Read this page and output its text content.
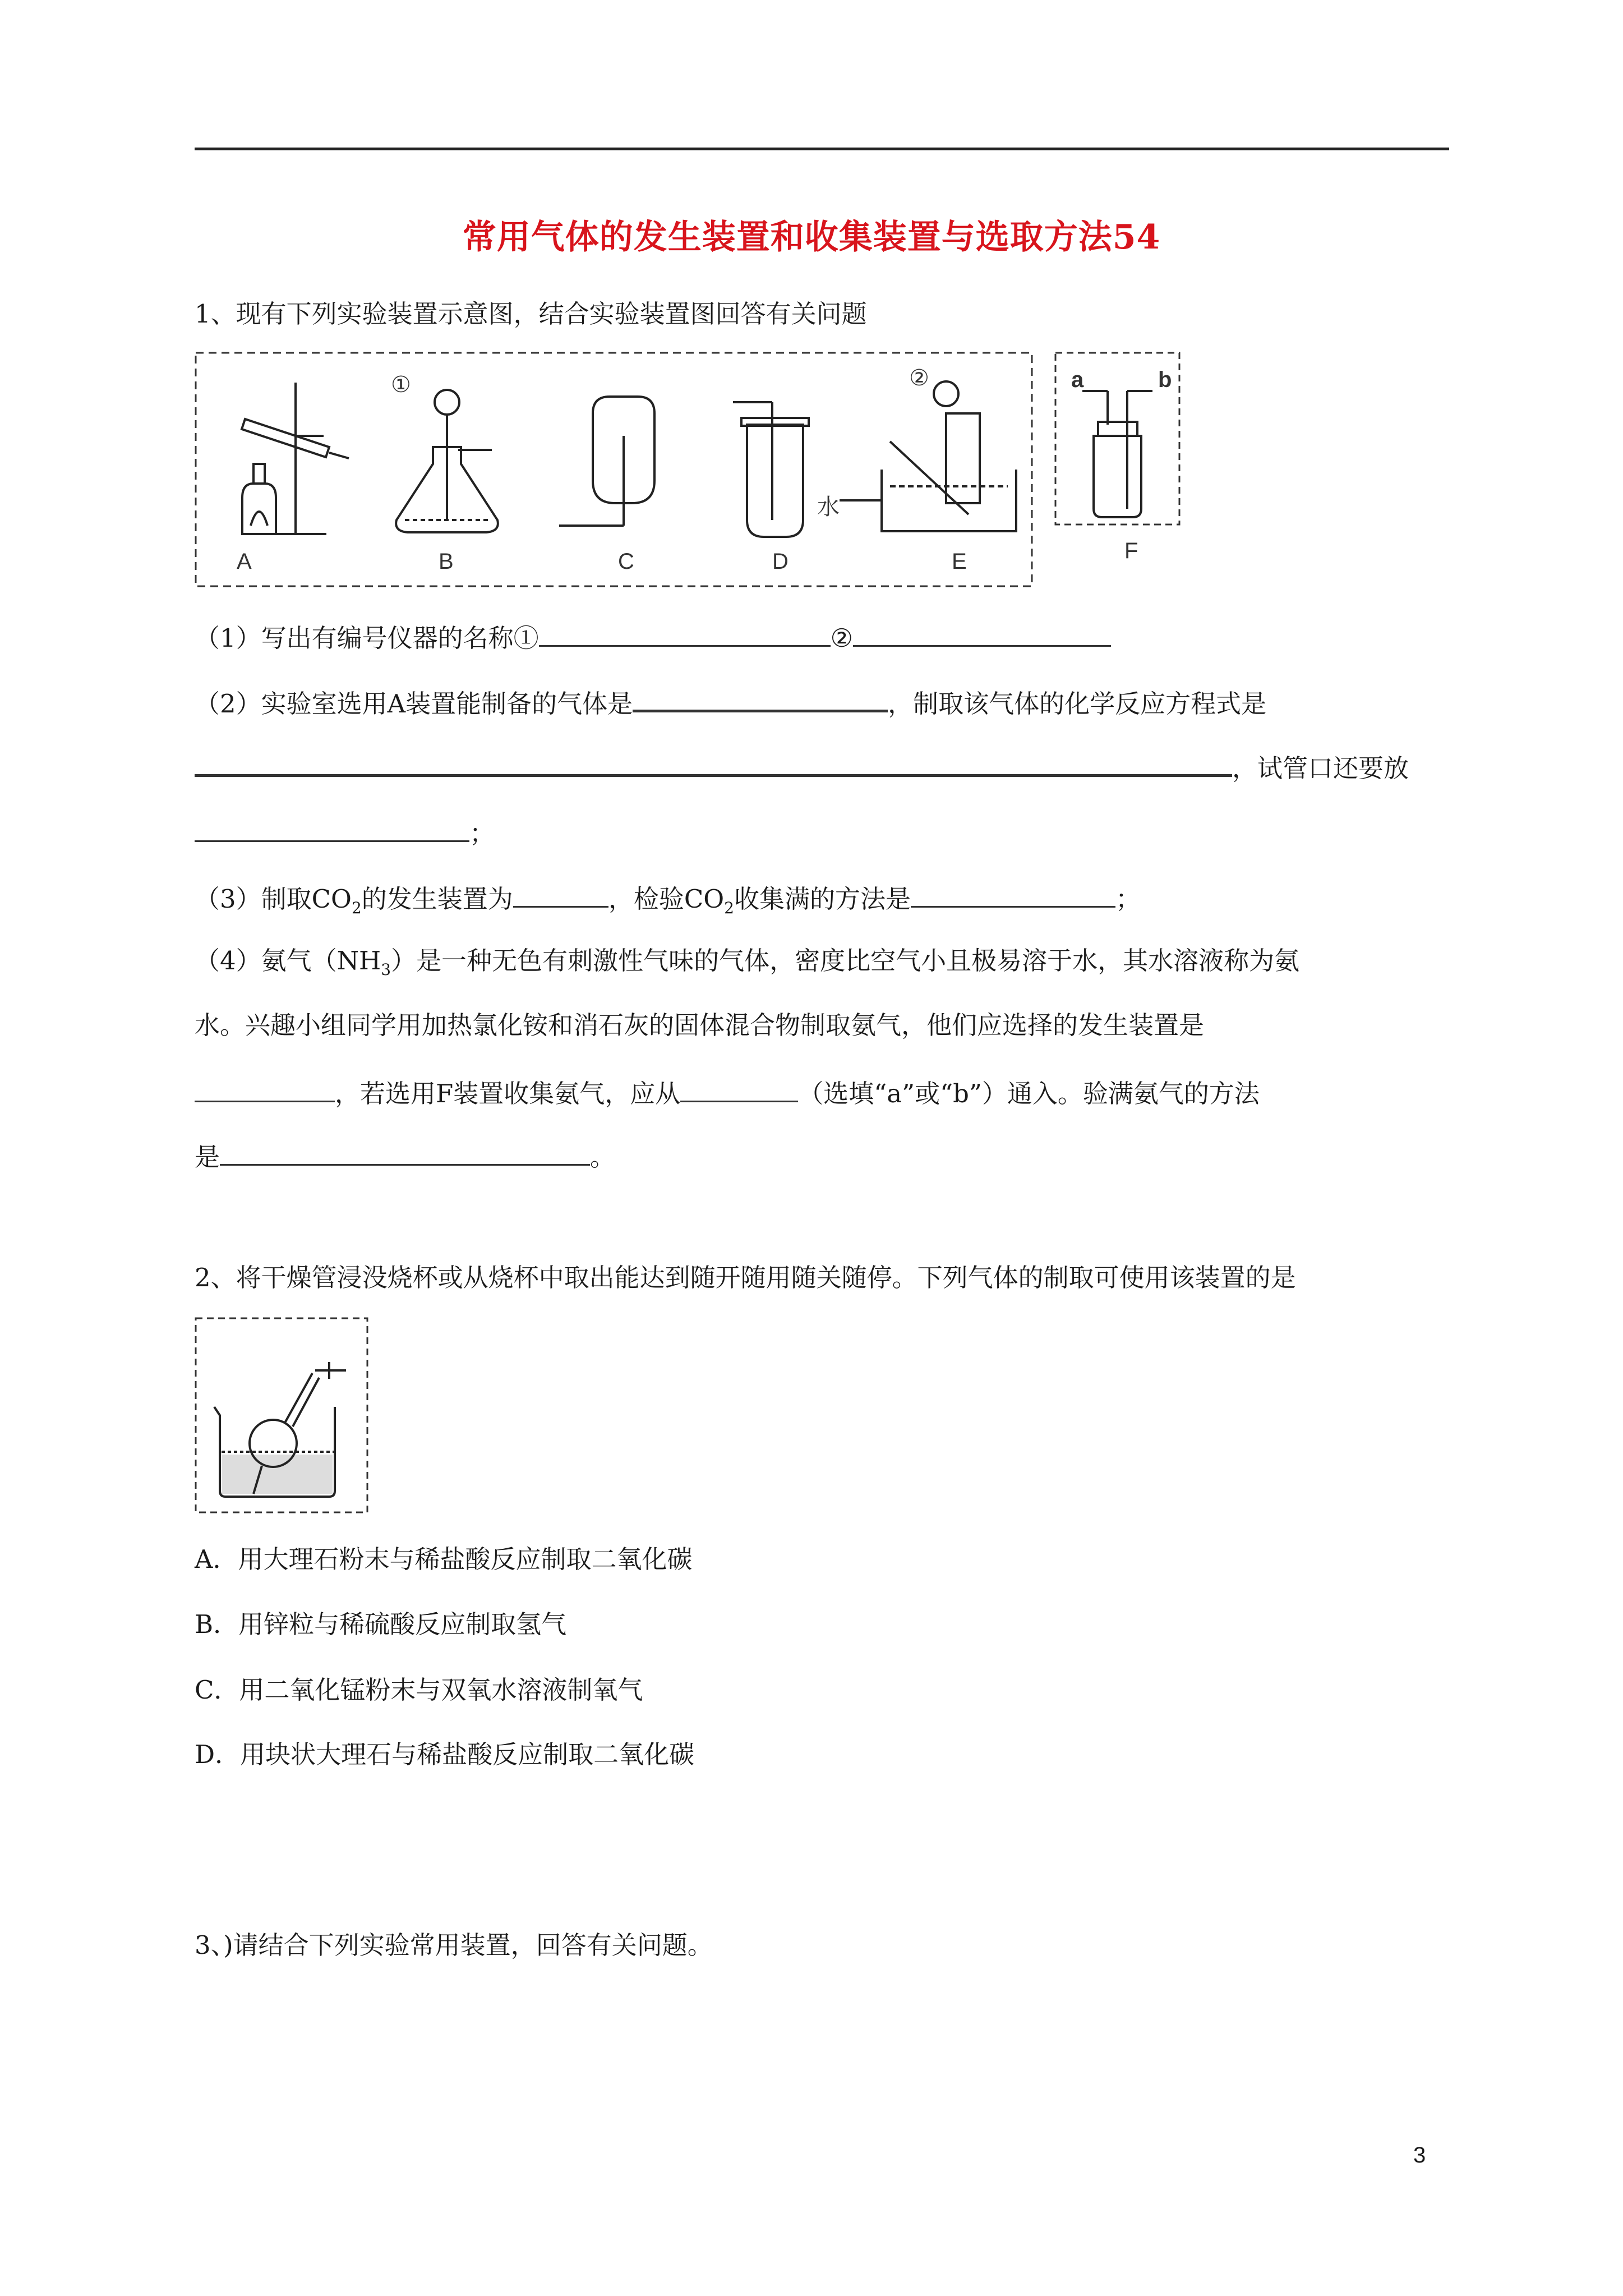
常用气体的发生装置和收集装置与选取方法54
1、现有下列实验装置示意图，结合实验装置图回答有关问题
A	B	C	D	E
①	②
水
a	b
F
（1）写出有编号仪器的名称①	②
（2）实验室选用A装置能制备的气体是	，制取该气体的化学反应方程式是
，试管口还要放
；
（3）制取$CO_2$的发生装置为	，检验$CO_2$收集满的方法是	；
（4）氨气$(NH_3)$是一种无色有刺激性气味的气体，密度比空气小且极易溶于水，其水溶液称为氨
水。兴趣小组同学用加热氯化铵和消石灰的固体混合物制取氨气，他们应选择的发生装置是
，若选用F装置收集氨气，应从	（选填“a”或“b”）通入。验满氨气的方法
是	。
2、将干燥管浸没烧杯或从烧杯中取出能达到随开随用随关随停。下列气体的制取可使用该装置的是
A．用大理石粉末与稀盐酸反应制取二氧化碳
B．用锌粒与稀硫酸反应制取氢气
C．用二氧化锰粉末与双氧水溶液制氧气
D．用块状大理石与稀盐酸反应制取二氧化碳
3、)请结合下列实验常用装置，回答有关问题。
3
